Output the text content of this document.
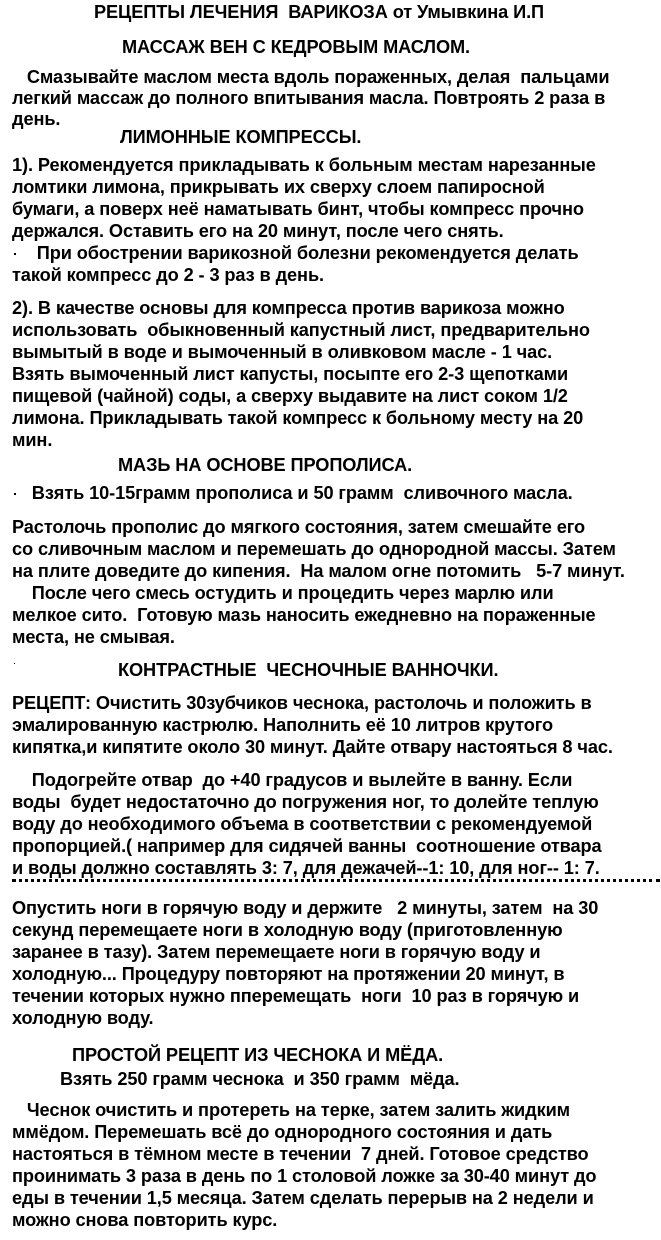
РЕЦЕПТЫ ЛЕЧЕНИЯ  ВАРИКОЗА от Умывкина И.П
МАССАЖ ВЕН С КЕДРОВЫМ МАСЛОМ.
Смазывайте маслом места вдоль пораженных, делая  пальцами
легкий массаж до полного впитывания масла. Повтроять 2 раза в
день.
ЛИМОННЫЕ КОМПРЕССЫ.
1). Рекомендуется прикладывать к больным местам нарезанные
ломтики лимона, прикрывать их сверху слоем папиросной
бумаги, а поверх неё наматывать бинт, чтобы компресс прочно
держался. Оставить его на 20 минут, после чего снять.
При обострении варикозной болезни рекомендуется делать
такой компресс до 2 - 3 раз в день.
2). В качестве основы для компресса против варикоза можно
использовать  обыкновенный капустный лист, предварительно
вымытый в воде и вымоченный в оливковом масле - 1 час.
Взять вымоченный лист капусты, посыпте его 2-3 щепотками
пищевой (чайной) соды, а сверху выдавите на лист соком 1/2
лимона. Прикладывать такой компресс к больному месту на 20
мин.
МАЗЬ НА ОСНОВЕ ПРОПОЛИСА.
Взять 10-15грамм прополиса и 50 грамм  сливочного масла.
Растолочь прополис до мягкого состояния, затем смешайте его
со сливочным маслом и перемешать до однородной массы. Затем
на плите доведите до кипения.  На малом огне потомить   5-7 минут.
После чего смесь остудить и процедить через марлю или
мелкое сито.  Готовую мазь наносить ежедневно на пораженные
места, не смывая.
КОНТРАСТНЫЕ  ЧЕСНОЧНЫЕ ВАННОЧКИ.
РЕЦЕПТ: Очистить 30зубчиков чеснока, растолочь и положить в
эмалированную кастрюлю. Наполнить её 10 литров крутого
кипятка,и кипятите около 30 минут. Дайте отвару настояться 8 час.
Подогрейте отвар  до +40 градусов и вылейте в ванну. Если
воды  будет недостаточно до погружения ног, то долейте теплую
воду до необходимого объема в соответствии с рекомендуемой
пропорцией.( например для сидячей ванны  соотношение отвара
и воды должно составлять 3: 7, для дежачей--1: 10, для ног-- 1: 7.
Опустить ноги в горячую воду и держите   2 минуты, затем  на 30
секунд перемещаете ноги в холодную воду (приготовленную
заранее в тазу). Затем перемещаете ноги в горячую воду и
холодную... Процедуру повторяют на протяжении 20 минут, в
течении которых нужно пперемещать  ноги  10 раз в горячую и
холодную воду.
ПРОСТОЙ РЕЦЕПТ ИЗ ЧЕСНОКА И МЁДА.
Взять 250 грамм чеснока  и 350 грамм  мёда.
Чеснок очистить и протереть на терке, затем залить жидким
ммёдом. Перемешать всё до однородного состояния и дать
настояться в тёмном месте в течении  7 дней. Готовое средство
проинимать 3 раза в день по 1 столовой ложке за 30-40 минут до
еды в течении 1,5 месяца. Затем сделать перерыв на 2 недели и
можно снова повторить курс.
